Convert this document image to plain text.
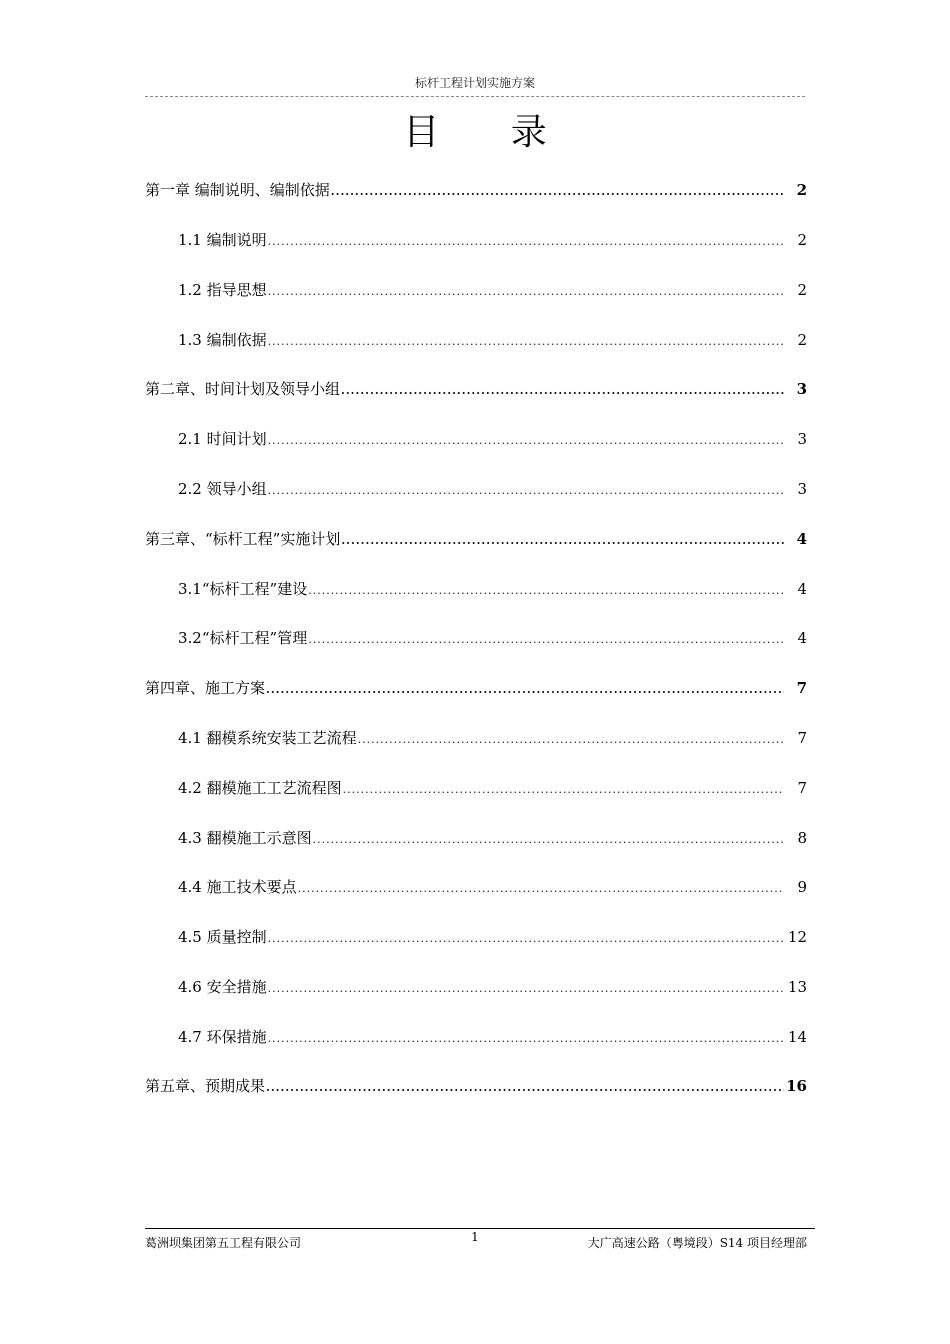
标杆工程计划实施方案
目 录
第一章 编制说明、编制依据 .....	2
1.1 编制说明 .....	2
1.2 指导思想 .....	2
1.3 编制依据 .....	2
第二章、时间计划及领导小组 .....	3
2.1 时间计划 .....	3
2.2 领导小组 .....	3
第三章、“标杆工程”实施计划 .....	4
3.1“标杆工程”建设 .....	4
3.2“标杆工程”管理 .....	4
第四章、施工方案 .....	7
4.1 翻模系统安装工艺流程 .....	7
4.2 翻模施工工艺流程图 .....	7
4.3 翻模施工示意图 .....	8
4.4 施工技术要点 .....	9
4.5 质量控制 .....	12
4.6 安全措施 .....	13
4.7 环保措施 .....	14
第五章、预期成果 .....	16
葛洲坝集团第五工程有限公司	1	大广高速公路（粤境段）S14 项目经理部
